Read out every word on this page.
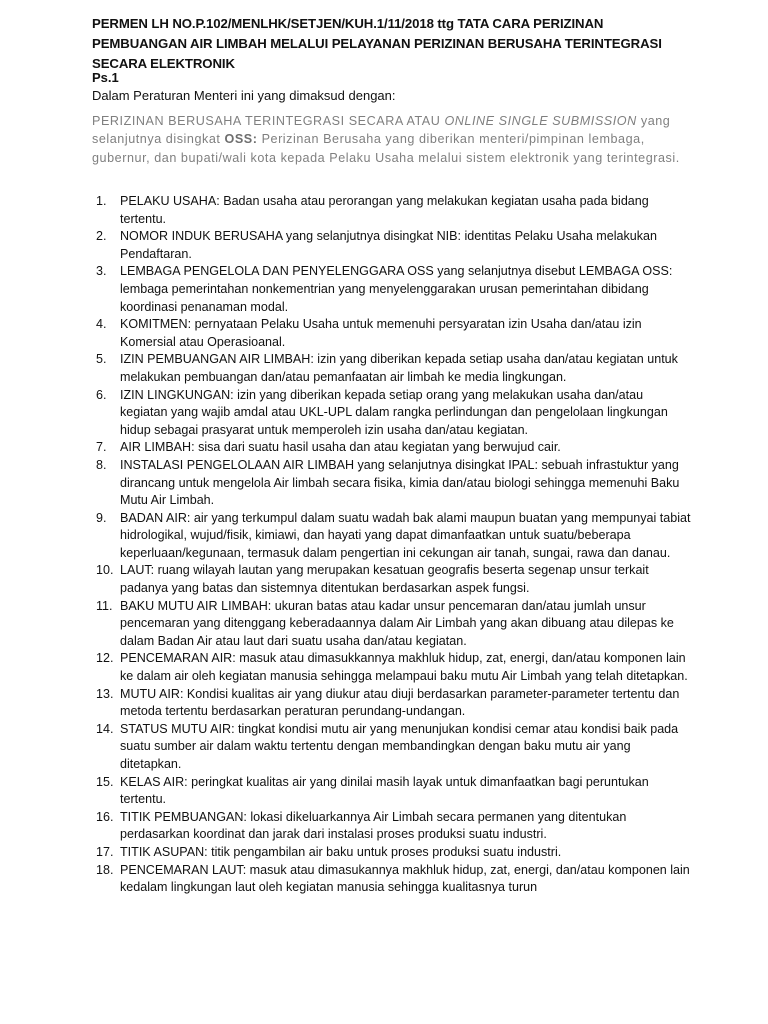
PERMEN LH NO.P.102/MENLHK/SETJEN/KUH.1/11/2018 ttg TATA CARA PERIZINAN PEMBUANGAN AIR LIMBAH MELALUI PELAYANAN PERIZINAN BERUSAHA TERINTEGRASI SECARA ELEKTRONIK
Ps.1
Dalam Peraturan Menteri ini yang dimaksud dengan:
PERIZINAN BERUSAHA TERINTEGRASI SECARA ATAU ONLINE SINGLE SUBMISSION yang selanjutnya disingkat OSS: Perizinan Berusaha yang diberikan menteri/pimpinan lembaga, gubernur, dan bupati/wali kota kepada Pelaku Usaha melalui sistem elektronik yang terintegrasi.
1. PELAKU USAHA: Badan usaha atau perorangan yang melakukan kegiatan usaha pada bidang tertentu.
2. NOMOR INDUK BERUSAHA yang selanjutnya disingkat NIB: identitas Pelaku Usaha melakukan Pendaftaran.
3. LEMBAGA PENGELOLA DAN PENYELENGGARA OSS yang selanjutnya disebut LEMBAGA OSS: lembaga pemerintahan nonkementrian yang menyelenggarakan urusan pemerintahan dibidang koordinasi penanaman modal.
4. KOMITMEN: pernyataan Pelaku Usaha untuk memenuhi persyaratan izin Usaha dan/atau izin Komersial atau Operasioanal.
5. IZIN PEMBUANGAN AIR LIMBAH: izin yang diberikan kepada setiap usaha dan/atau kegiatan untuk melakukan pembuangan dan/atau pemanfaatan air limbah ke media lingkungan.
6. IZIN LINGKUNGAN: izin yang diberikan kepada setiap orang yang melakukan usaha dan/atau kegiatan yang wajib amdal atau UKL-UPL dalam rangka perlindungan dan pengelolaan lingkungan hidup sebagai prasyarat untuk memperoleh izin usaha dan/atau kegiatan.
7. AIR LIMBAH: sisa dari suatu hasil usaha dan atau kegiatan yang berwujud cair.
8. INSTALASI PENGELOLAAN AIR LIMBAH yang selanjutnya disingkat IPAL: sebuah infrastuktur yang dirancang untuk mengelola Air limbah secara fisika, kimia dan/atau biologi sehingga memenuhi Baku Mutu Air Limbah.
9. BADAN AIR: air yang terkumpul dalam suatu wadah bak alami maupun buatan yang mempunyai tabiat hidrologikal, wujud/fisik, kimiawi, dan hayati yang dapat dimanfaatkan untuk suatu/beberapa keperluaan/kegunaan, termasuk dalam pengertian ini cekungan air tanah, sungai, rawa dan danau.
10. LAUT: ruang wilayah lautan yang merupakan kesatuan geografis beserta segenap unsur terkait padanya yang batas dan sistemnya ditentukan berdasarkan aspek fungsi.
11. BAKU MUTU AIR LIMBAH: ukuran batas atau kadar unsur pencemaran dan/atau jumlah unsur pencemaran yang ditenggang keberadaannya dalam Air Limbah yang akan dibuang atau dilepas ke dalam Badan Air atau laut dari suatu usaha dan/atau kegiatan.
12. PENCEMARAN AIR: masuk atau dimasukkannya makhluk hidup, zat, energi, dan/atau komponen lain ke dalam air oleh kegiatan manusia sehingga melampaui baku mutu Air Limbah yang telah ditetapkan.
13. MUTU AIR: Kondisi kualitas air yang diukur atau diuji berdasarkan parameter-parameter tertentu dan metoda tertentu berdasarkan peraturan perundang-undangan.
14. STATUS MUTU AIR: tingkat kondisi mutu air yang menunjukan kondisi cemar atau kondisi baik pada suatu sumber air dalam waktu tertentu dengan membandingkan dengan baku mutu air yang ditetapkan.
15. KELAS AIR: peringkat kualitas air yang dinilai masih layak untuk dimanfaatkan bagi peruntukan tertentu.
16. TITIK PEMBUANGAN: lokasi dikeluarkannya Air Limbah secara permanen yang ditentukan perdasarkan koordinat dan jarak dari instalasi proses produksi suatu industri.
17. TITIK ASUPAN: titik pengambilan air baku untuk proses produksi suatu industri.
18. PENCEMARAN LAUT: masuk atau dimasukannya makhluk hidup, zat, energi, dan/atau komponen lain kedalam lingkungan laut oleh kegiatan manusia sehingga kualitasnya turun
